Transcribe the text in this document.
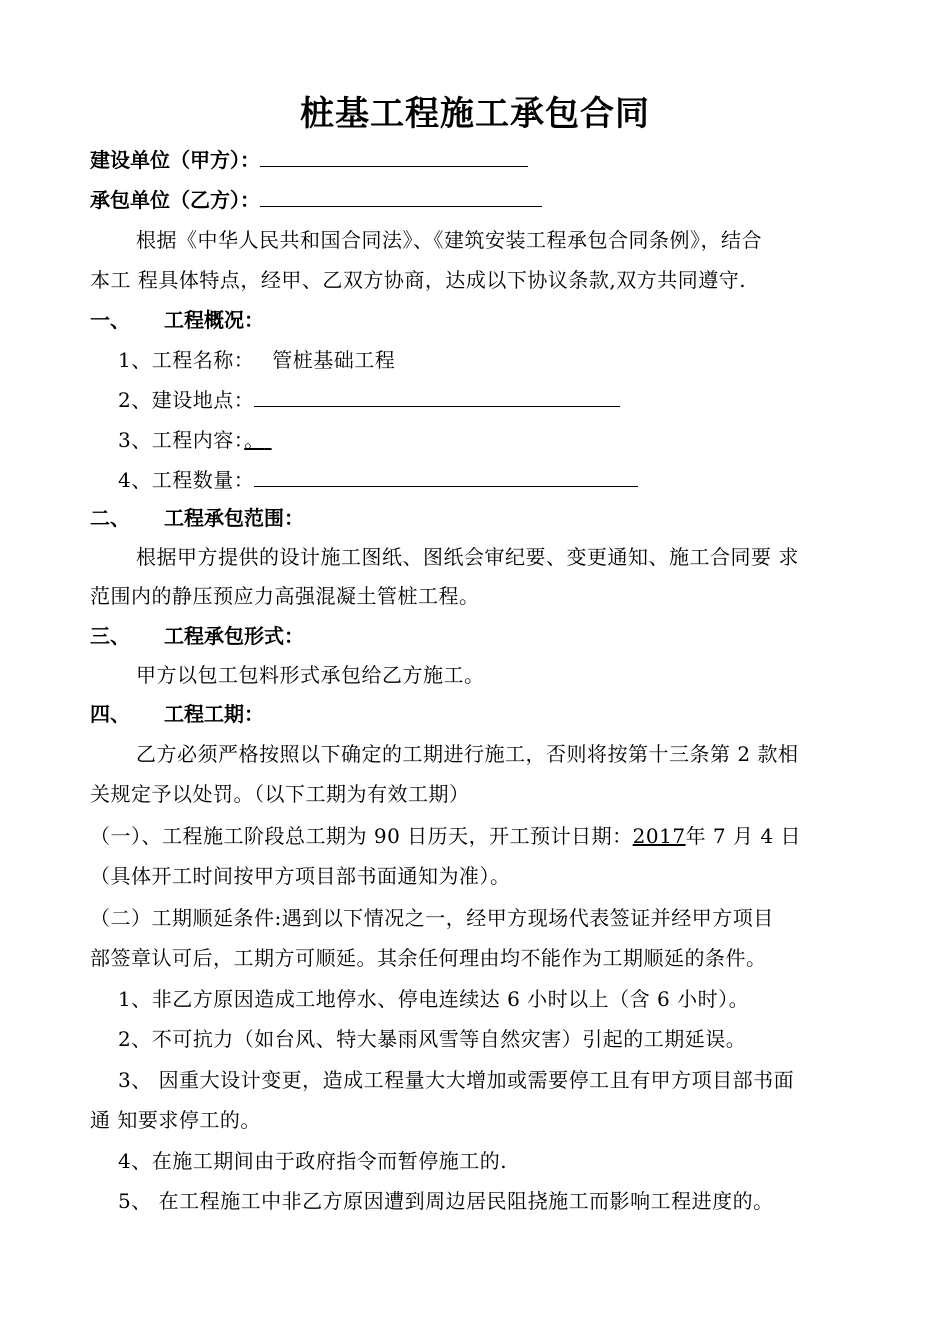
桩基工程施工承包合同
建设单位（甲方）：
承包单位（乙方）：
根据《中华人民共和国合同法》、《建筑安装工程承包合同条例》，结合
本工 程具体特点，经甲、乙双方协商，达成以下协议条款,双方共同遵守.
一、 工程概况：
1、工程名称： 管桩基础工程
2、建设地点：
3、工程内容：。
4、工程数量：
二、 工程承包范围：
根据甲方提供的设计施工图纸、图纸会审纪要、变更通知、施工合同要 求
范围内的静压预应力高强混凝土管桩工程。
三、 工程承包形式：
甲方以包工包料形式承包给乙方施工。
四、 工程工期：
乙方必须严格按照以下确定的工期进行施工，否则将按第十三条第 2 款相
关规定予以处罚。（以下工期为有效工期）
（一）、工程施工阶段总工期为 90 日历天，开工预计日期：2017年 7 月 4 日
（具体开工时间按甲方项目部书面通知为准）。
（二）工期顺延条件:遇到以下情况之一，经甲方现场代表签证并经甲方项目
部签章认可后，工期方可顺延。其余任何理由均不能作为工期顺延的条件。
1、非乙方原因造成工地停水、停电连续达 6 小时以上（含 6 小时）。
2、不可抗力（如台风、特大暴雨风雪等自然灾害）引起的工期延误。
3、 因重大设计变更，造成工程量大大增加或需要停工且有甲方项目部书面
通 知要求停工的。
4、在施工期间由于政府指令而暂停施工的.
5、 在工程施工中非乙方原因遭到周边居民阻挠施工而影响工程进度的。
